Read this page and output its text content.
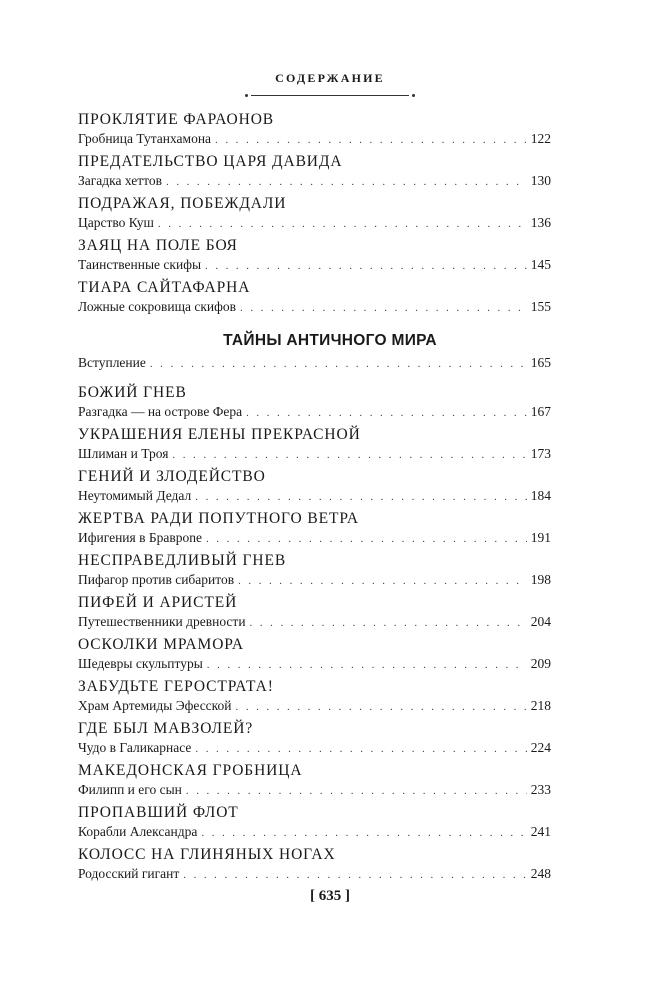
СОДЕРЖАНИЕ
ПРОКЛЯТИЕ ФАРАОНОВ
Гробница Тутанхамона . . .	122
ПРЕДАТЕЛЬСТВО ЦАРЯ ДАВИДА
Загадка хеттов . . .	130
ПОДРАЖАЯ, ПОБЕЖДАЛИ
Царство Куш . . .	136
ЗАЯЦ НА ПОЛЕ БОЯ
Таинственные скифы . . .	145
ТИАРА САЙТАФАРНА
Ложные сокровища скифов . . .	155
ТАЙНЫ АНТИЧНОГО МИРА
Вступление . . .	165
БОЖИЙ ГНЕВ
Разгадка — на острове Фера . . .	167
УКРАШЕНИЯ ЕЛЕНЫ ПРЕКРАСНОЙ
Шлиман и Троя . . .	173
ГЕНИЙ И ЗЛОДЕЙСТВО
Неутомимый Дедал . . .	184
ЖЕРТВА РАДИ ПОПУТНОГО ВЕТРА
Ифигения в Браврone . . .	191
НЕСПРАВЕДЛИВЫЙ ГНЕВ
Пифагор против сибаритов . . .	198
ПИФЕЙ И АРИСТЕЙ
Путешественники древности . . .	204
ОСКОЛКИ МРАМОРА
Шедевры скульптуры . . .	209
ЗАБУДЬТЕ ГЕРОСТРАТА!
Храм Артемиды Эфесской . . .	218
ГДЕ БЫЛ МАВЗОЛЕЙ?
Чудо в Галикарнасе . . .	224
МАКЕДОНСКАЯ ГРОБНИЦА
Филипп и его сын . . .	233
ПРОПАВШИЙ ФЛОТ
Корабли Александра . . .	241
КОЛОСС НА ГЛИНЯНЫХ НОГАХ
Родосский гигант . . .	248
[ 635 ]
